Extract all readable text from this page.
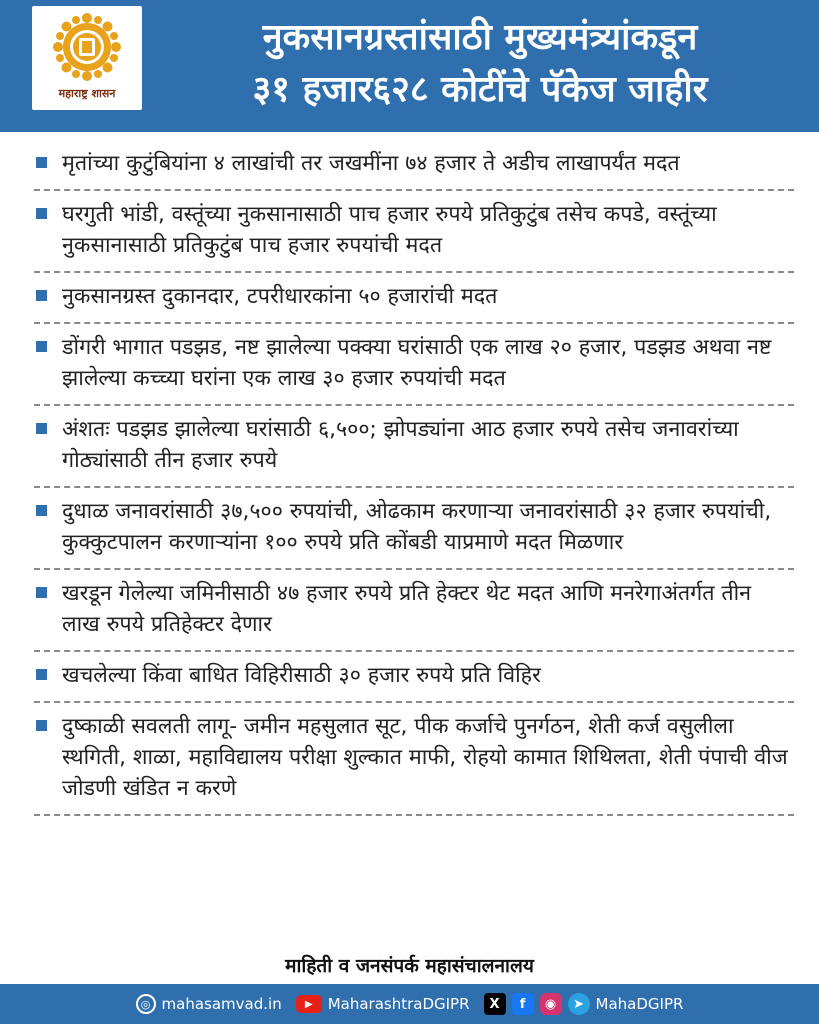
महाराष्ट्र शासन
नुकसानग्रस्तांसाठी मुख्यमंत्र्यांकडून
३१ हजार६२८ कोटींचे पॅकेज जाहीर
मृतांच्या कुटुंबियांना ४ लाखांची तर जखमींना ७४ हजार ते अडीच लाखापर्यंत मदत
घरगुती भांडी, वस्तूंच्या नुकसानासाठी पाच हजार रुपये प्रतिकुटुंब तसेच कपडे, वस्तूंच्या नुकसानासाठी प्रतिकुटुंब पाच हजार रुपयांची मदत
नुकसानग्रस्त दुकानदार, टपरीधारकांना ५० हजारांची मदत
डोंगरी भागात पडझड, नष्ट झालेल्या पक्क्या घरांसाठी एक लाख २० हजार, पडझड अथवा नष्ट झालेल्या कच्च्या घरांना एक लाख ३० हजार रुपयांची मदत
अंशतः पडझड झालेल्या घरांसाठी ६,५००; झोपड्यांना आठ हजार रुपये तसेच जनावरांच्या गोठ्यांसाठी तीन हजार रुपये
दुधाळ जनावरांसाठी ३७,५०० रुपयांची, ओढकाम करणाऱ्या जनावरांसाठी ३२ हजार रुपयांची, कुक्कुटपालन करणाऱ्यांना १०० रुपये प्रति कोंबडी याप्रमाणे मदत मिळणार
खरडून गेलेल्या जमिनीसाठी ४७ हजार रुपये प्रति हेक्टर थेट मदत आणि मनरेगाअंतर्गत तीन लाख रुपये प्रतिहेक्टर देणार
खचलेल्या किंवा बाधित विहिरीसाठी ३० हजार रुपये प्रति विहिर
दुष्काळी सवलती लागू- जमीन महसुलात सूट, पीक कर्जाचे पुनर्गठन, शेती कर्ज वसुलीला स्थगिती, शाळा, महाविद्यालय परीक्षा शुल्कात माफी, रोहयो कामात शिथिलता, शेती पंपाची वीज जोडणी खंडित न करणे
माहिती व जनसंपर्क महासंचालनालय
◎ mahasamvad.in	▶	MaharashtraDGIPR	X	f	◉	➤ MahaDGIPR
